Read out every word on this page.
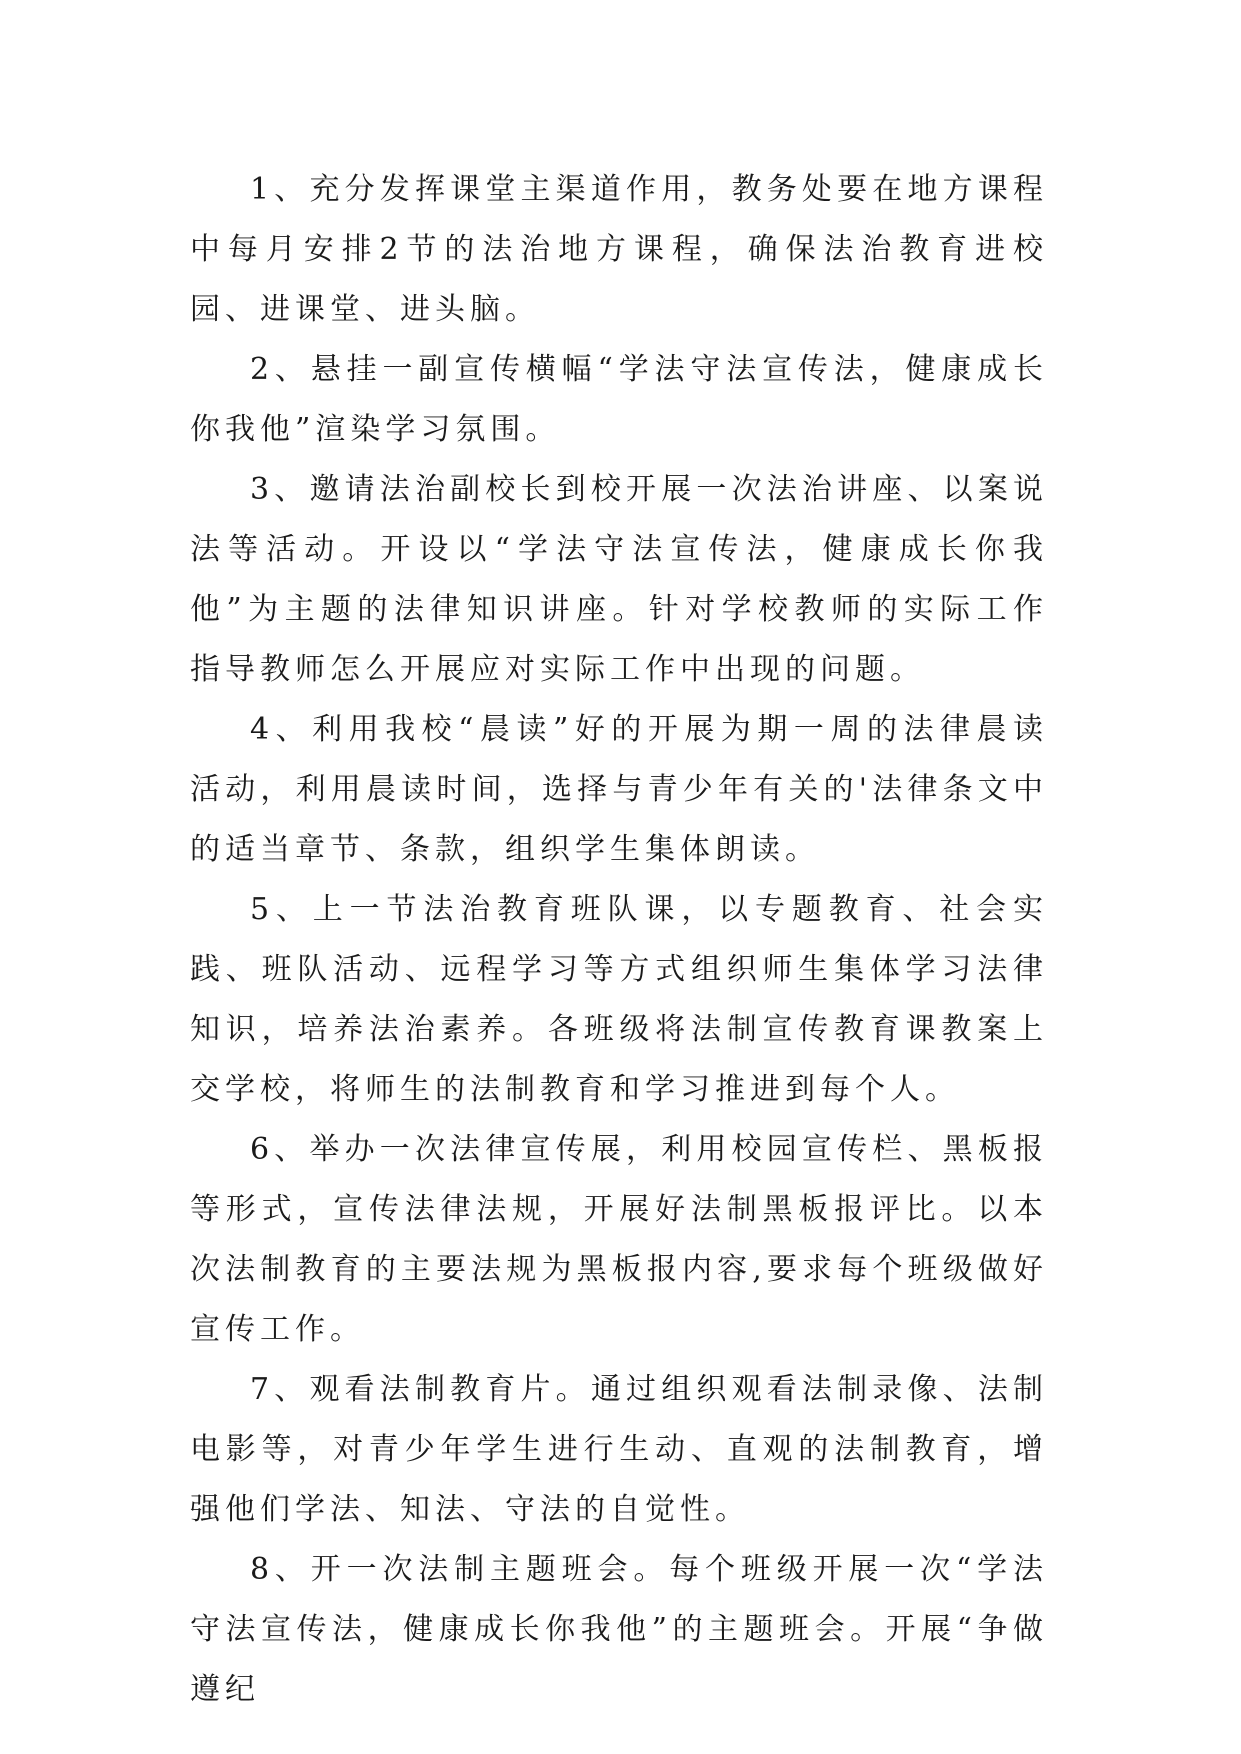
1、充分发挥课堂主渠道作用，教务处要在地方课程中每月安排2节的法治地方课程，确保法治教育进校园、进课堂、进头脑。

2、悬挂一副宣传横幅“学法守法宣传法，健康成长你我他”渲染学习氛围。

3、邀请法治副校长到校开展一次法治讲座、以案说法等活动。开设以“学法守法宣传法，健康成长你我他”为主题的法律知识讲座。针对学校教师的实际工作指导教师怎么开展应对实际工作中出现的问题。

4、利用我校“晨读”好的开展为期一周的法律晨读活动，利用晨读时间，选择与青少年有关的'法律条文中的适当章节、条款，组织学生集体朗读。

5、上一节法治教育班队课，以专题教育、社会实践、班队活动、远程学习等方式组织师生集体学习法律知识，培养法治素养。各班级将法制宣传教育课教案上交学校，将师生的法制教育和学习推进到每个人。

6、举办一次法律宣传展，利用校园宣传栏、黑板报等形式，宣传法律法规，开展好法制黑板报评比。以本次法制教育的主要法规为黑板报内容,要求每个班级做好宣传工作。

7、观看法制教育片。通过组织观看法制录像、法制电影等，对青少年学生进行生动、直观的法制教育，增强他们学法、知法、守法的自觉性。

8、开一次法制主题班会。每个班级开展一次“学法守法宣传法，健康成长你我他”的主题班会。开展“争做遵纪
